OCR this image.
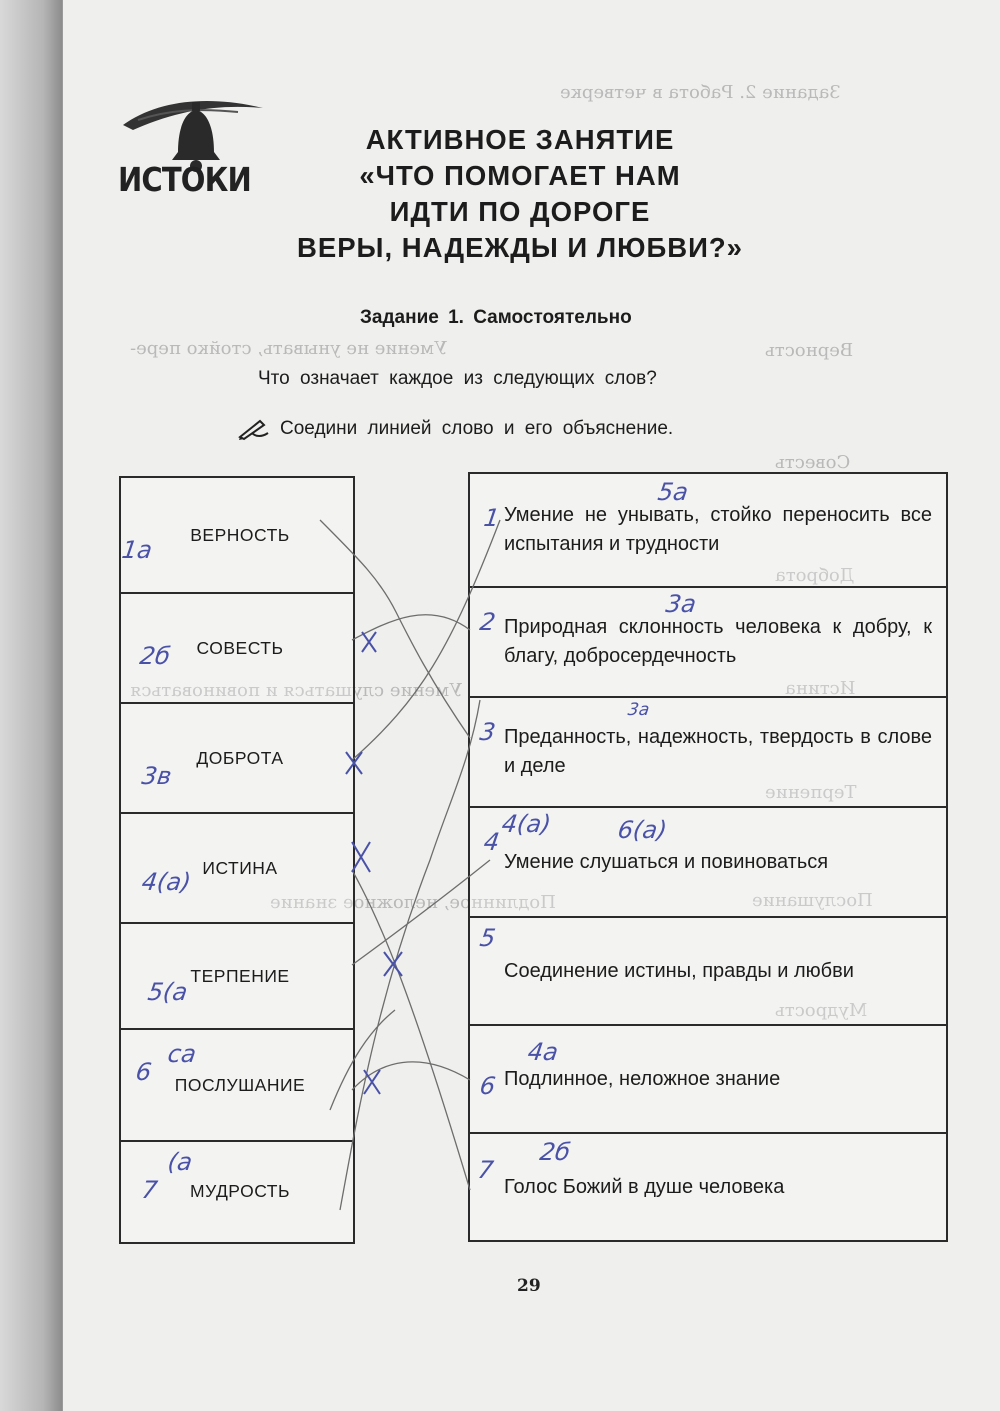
Задание 2. Работа в четверке
Верность
Совесть
Доброта
Истина
Терпение
Послушание
Мудрость
Умение не унывать, стойко пере-
Умение слушаться и повиноваться
Подлинное, неложное знание
ИСТОКИ
АКТИВНОЕ ЗАНЯТИЕ
«ЧТО ПОМОГАЕТ НАМ
ИДТИ ПО ДОРОГЕ
ВЕРЫ, НАДЕЖДЫ И ЛЮБВИ?»
Задание 1. Самостоятельно
Что означает каждое из следующих слов?
Соедини линией слово и его объяснение.
ВЕРНОСТЬ
СОВЕСТЬ
ДОБРОТА
ИСТИНА
ТЕРПЕНИЕ
ПОСЛУШАНИЕ
МУДРОСТЬ
Умение не унывать, стойко переносить все испытания и трудности
Природная склонность человека к добру, к благу, добросердечность
Преданность, надежность, твердость в слове и деле
Умение слушаться и повиноваться
Соединение истины, правды и любви
Подлинное, неложное знание
Голос Божий в душе человека
1а
2б
3в
4(а)
5(а
6
7
(а
са
1
2
3
4
5
6
7
5а
3а
3а
6(а)
4(а)
4а
2б
29
